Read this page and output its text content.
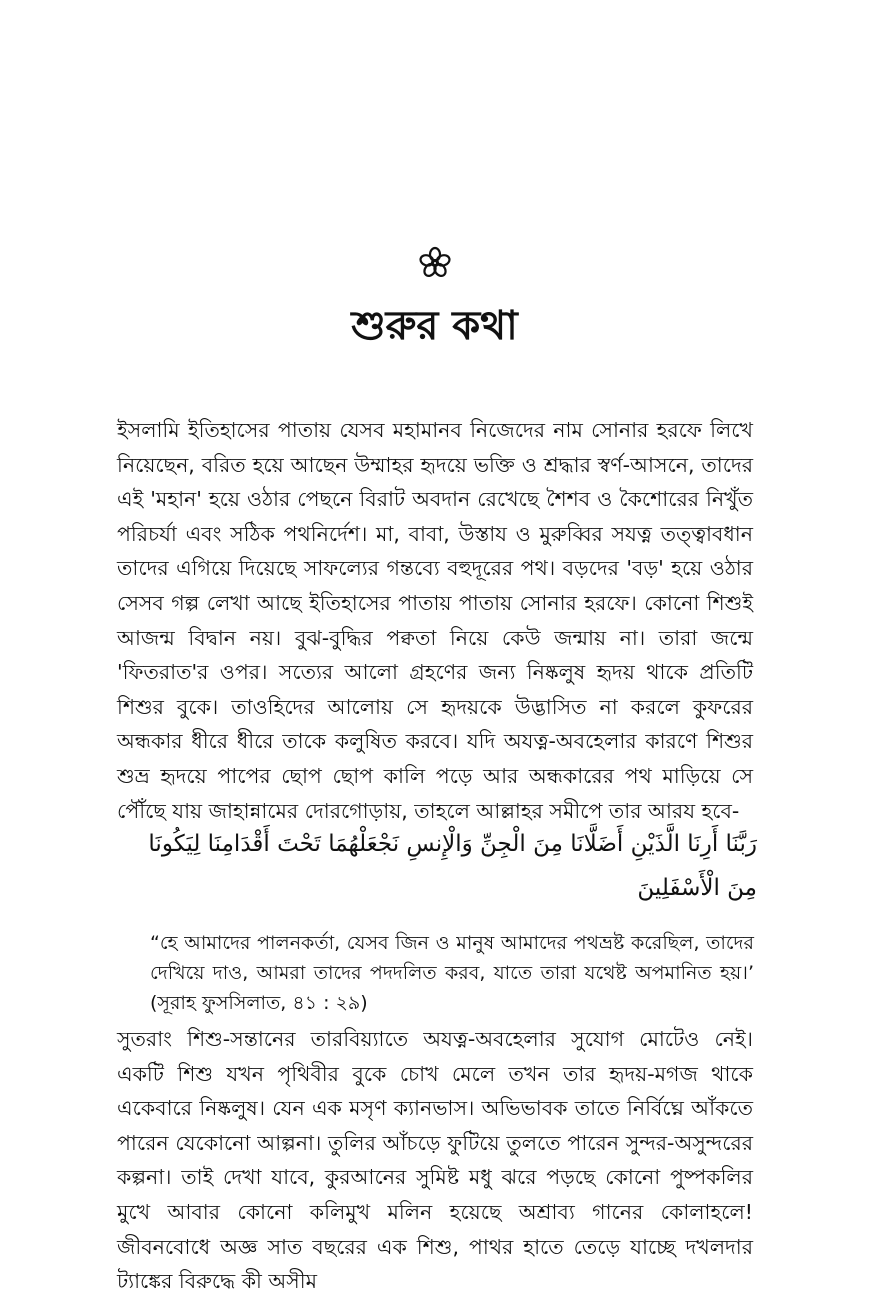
শুরুর কথা

ইসলামি ইতিহাসের পাতায় যেসব মহামানব নিজেদের নাম সোনার হরফে লিখে নিয়েছেন, বরিত হয়ে আছেন উম্মাহর হৃদয়ে ভক্তি ও শ্রদ্ধার স্বর্ণ-আসনে, তাদের এই 'মহান' হয়ে ওঠার পেছনে বিরাট অবদান রেখেছে শৈশব ও কৈশোরের নিখুঁত পরিচর্যা এবং সঠিক পথনির্দেশ। মা, বাবা, উস্তায ও মুরুব্বির সযত্ন তত্ত্বাবধান তাদের এগিয়ে দিয়েছে সাফল্যের গন্তব্যে বহুদূরের পথ। বড়দের 'বড়' হয়ে ওঠার সেসব গল্প লেখা আছে ইতিহাসের পাতায় পাতায় সোনার হরফে। কোনো শিশুই আজন্ম বিদ্বান নয়। বুঝ-বুদ্ধির পক্বতা নিয়ে কেউ জন্মায় না। তারা জন্মে 'ফিতরাত'র ওপর। সত্যের আলো গ্রহণের জন্য নিষ্কলুষ হৃদয় থাকে প্রতিটি শিশুর বুকে। তাওহিদের আলোয় সে হৃদয়কে উদ্ভাসিত না করলে কুফরের অন্ধকার ধীরে ধীরে তাকে কলুষিত করবে। যদি অযত্ন-অবহেলার কারণে শিশুর শুভ্র হৃদয়ে পাপের ছোপ ছোপ কালি পড়ে আর অন্ধকারের পথ মাড়িয়ে সে পৌঁছে যায় জাহান্নামের দোরগোড়ায়, তাহলে আল্লাহর সমীপে তার আরয হবে-

رَبَّنَا أَرِنَا الَّذَيْنِ أَضَلَّانَا مِنَ الْجِنِّ وَالْإِنسِ نَجْعَلْهُمَا تَحْتَ أَقْدَامِنَا لِيَكُونَا مِنَ الْأَسْفَلِينَ

“হে আমাদের পালনকর্তা, যেসব জিন ও মানুষ আমাদের পথভ্রষ্ট করেছিল, তাদের দেখিয়ে দাও, আমরা তাদের পদদলিত করব, যাতে তারা যথেষ্ট অপমানিত হয়।’ (সূরাহ ফুসসিলাত, ৪১ : ২৯)

সুতরাং শিশু-সন্তানের তারবিয়্যাতে অযত্ন-অবহেলার সুযোগ মোটেও নেই। একটি শিশু যখন পৃথিবীর বুকে চোখ মেলে তখন তার হৃদয়-মগজ থাকে একেবারে নিষ্কলুষ। যেন এক মসৃণ ক্যানভাস। অভিভাবক তাতে নির্বিঘ্নে আঁকতে পারেন যেকোনো আল্পনা। তুলির আঁচড়ে ফুটিয়ে তুলতে পারেন সুন্দর-অসুন্দরের কল্পনা। তাই দেখা যাবে, কুরআনের সুমিষ্ট মধু ঝরে পড়ছে কোনো পুষ্পকলির মুখে আবার কোনো কলিমুখ মলিন হয়েছে অশ্রাব্য গানের কোলাহলে! জীবনবোধে অজ্ঞ সাত বছরের এক শিশু, পাথর হাতে তেড়ে যাচ্ছে দখলদার ট্যাঙ্কের বিরুদ্ধে কী অসীম
